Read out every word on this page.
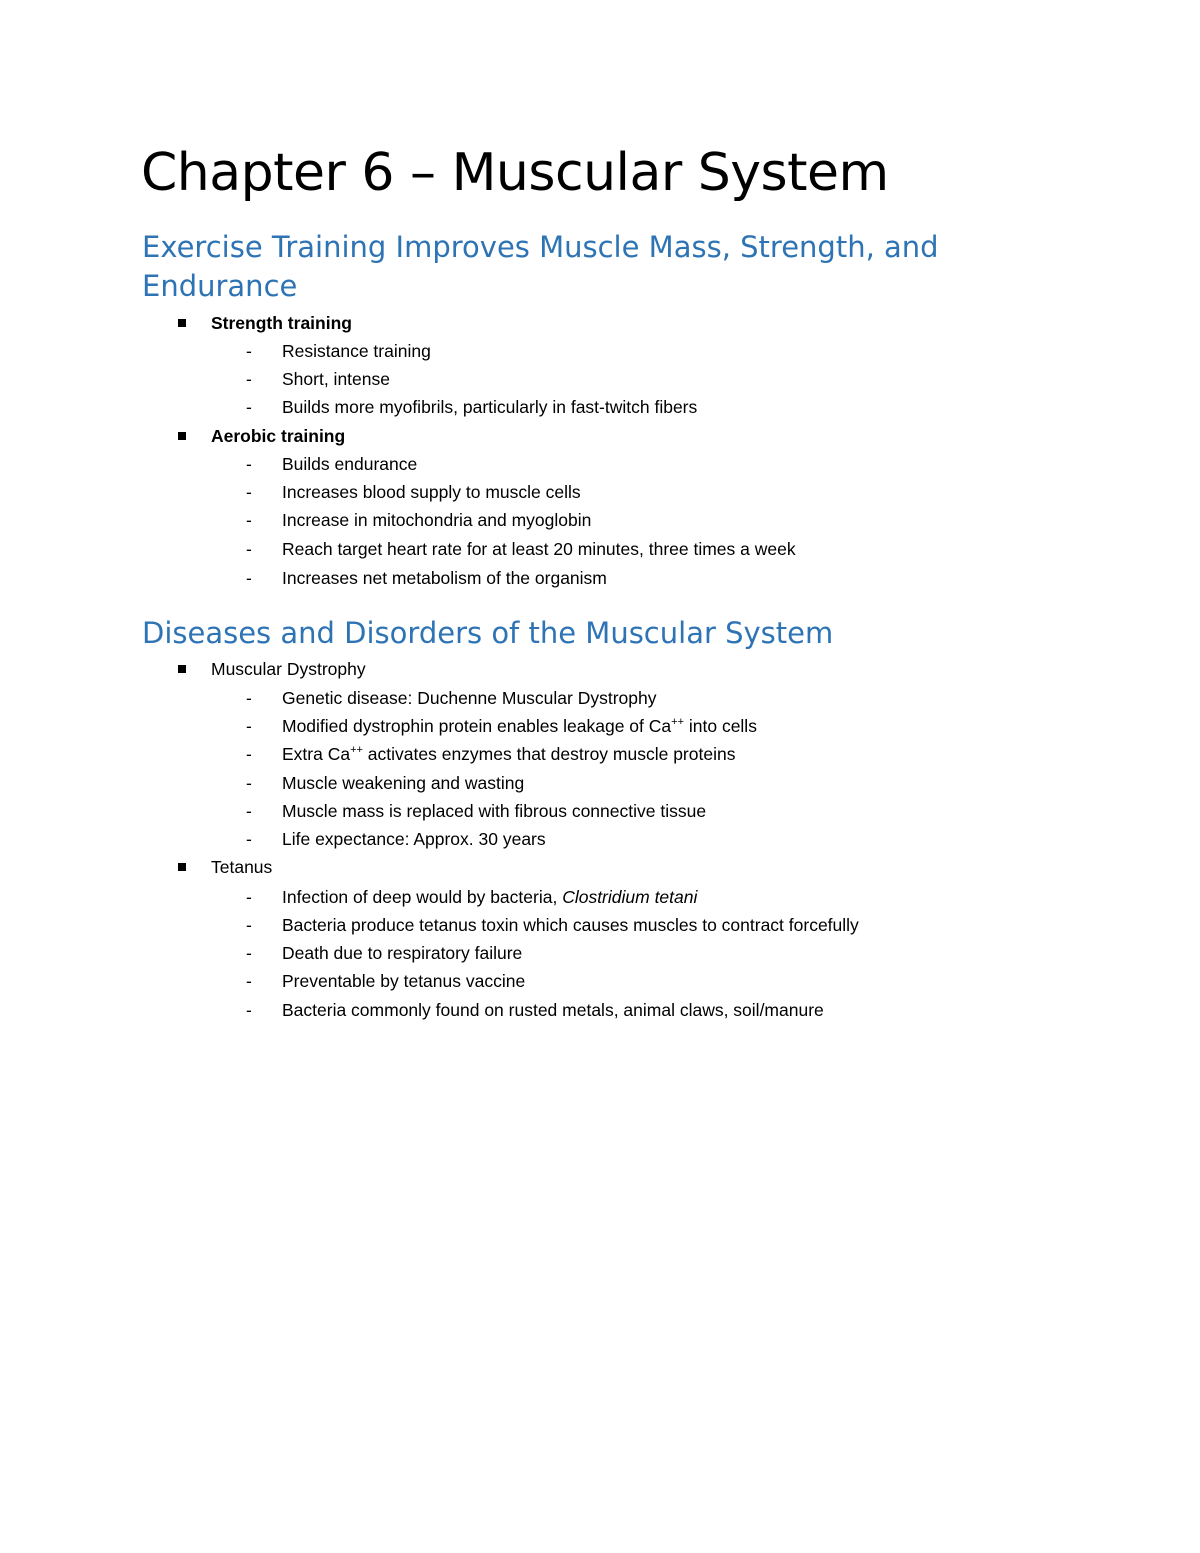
Chapter 6 – Muscular System
Exercise Training Improves Muscle Mass, Strength, and Endurance
Strength training
- Resistance training
- Short, intense
- Builds more myofibrils, particularly in fast-twitch fibers
Aerobic training
- Builds endurance
- Increases blood supply to muscle cells
- Increase in mitochondria and myoglobin
- Reach target heart rate for at least 20 minutes, three times a week
- Increases net metabolism of the organism
Diseases and Disorders of the Muscular System
Muscular Dystrophy
- Genetic disease: Duchenne Muscular Dystrophy
- Modified dystrophin protein enables leakage of Ca++ into cells
- Extra Ca++ activates enzymes that destroy muscle proteins
- Muscle weakening and wasting
- Muscle mass is replaced with fibrous connective tissue
- Life expectance: Approx. 30 years
Tetanus
- Infection of deep would by bacteria, Clostridium tetani
- Bacteria produce tetanus toxin which causes muscles to contract forcefully
- Death due to respiratory failure
- Preventable by tetanus vaccine
- Bacteria commonly found on rusted metals, animal claws, soil/manure
